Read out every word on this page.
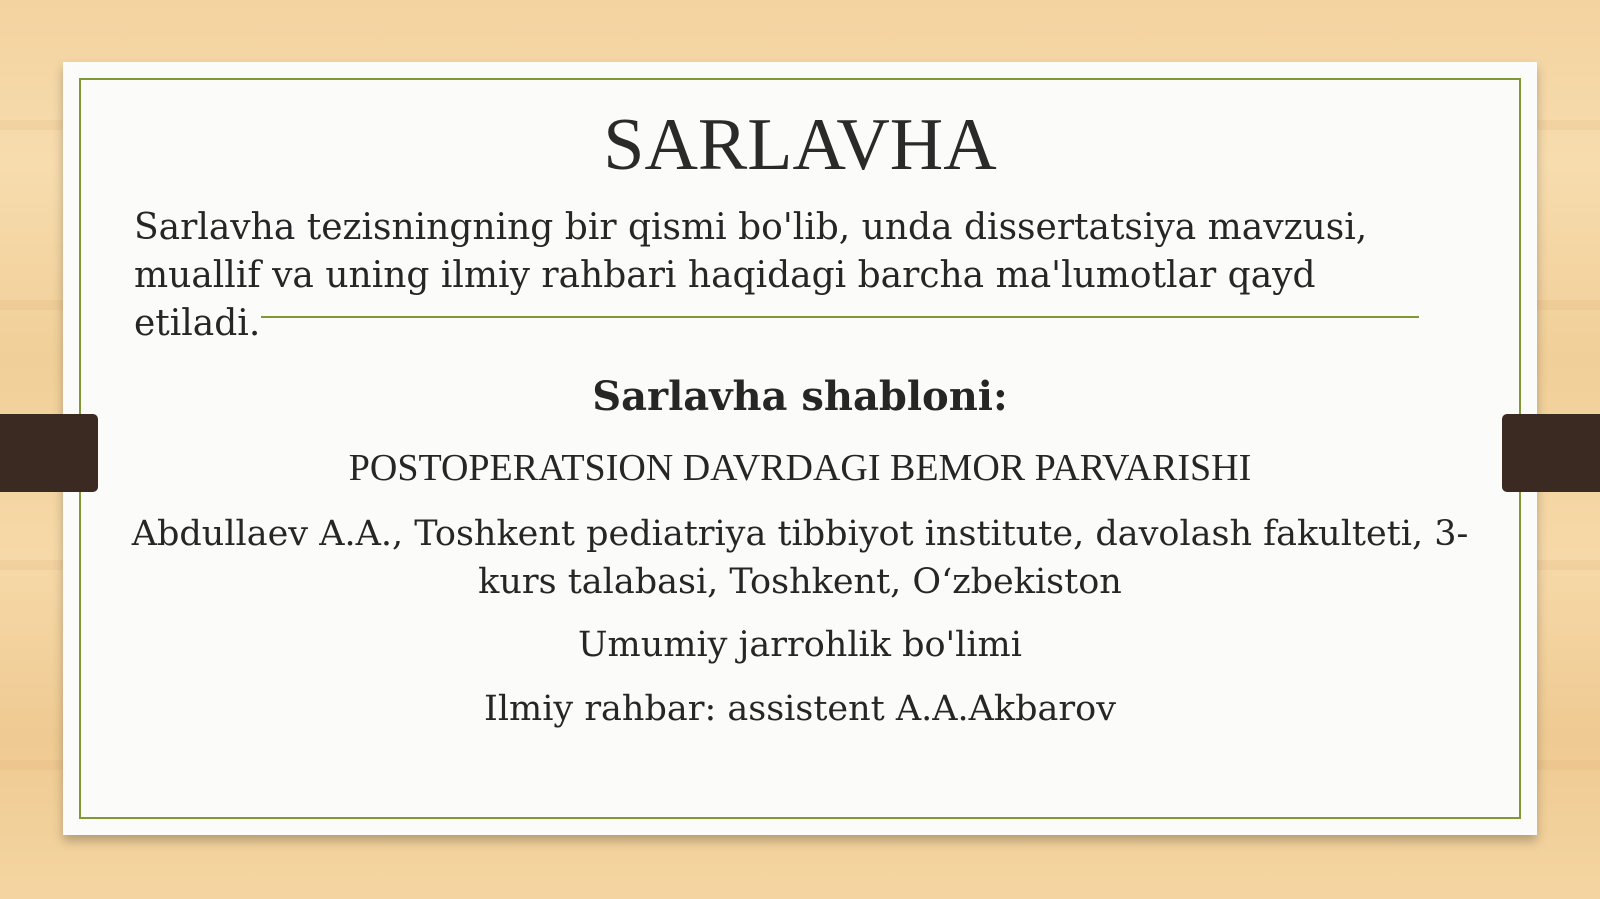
SARLAVHA
Sarlavha tezisningning bir qismi bo'lib, unda dissertatsiya mavzusi, muallif va uning ilmiy rahbari haqidagi barcha ma'lumotlar qayd etiladi.
Sarlavha shabloni:
POSTOPERATSION DAVRDAGI BEMOR PARVARISHI
Abdullaev A.A., Toshkent pediatriya tibbiyot institute, davolash fakulteti, 3-kurs talabasi, Toshkent, O‘zbekiston
Umumiy jarrohlik bo'limi
Ilmiy rahbar: assistent A.A.Akbarov
